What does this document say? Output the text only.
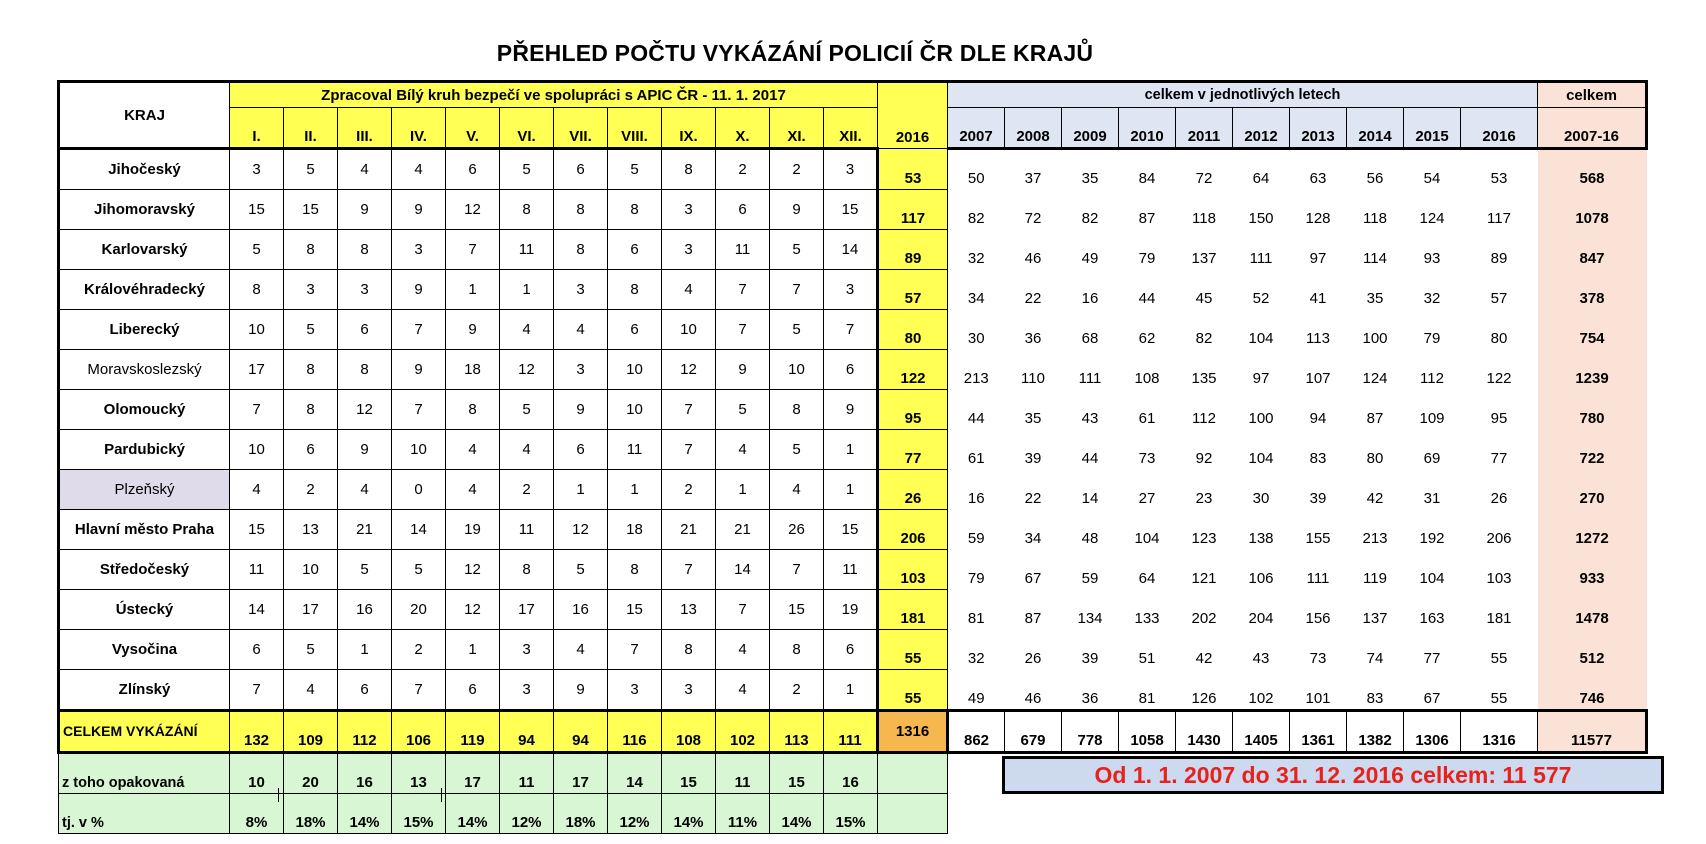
PŘEHLED POČTU VYKÁZÁNÍ POLICIÍ ČR DLE KRAJŮ
KRAJ	Zpracoval Bílý kruh bezpečí ve spolupráci s APIC ČR - 11. 1. 2017												2016	celkem v jednotlivých letech										celkem
	I.	II.	III.	IV.	V.	VI.	VII.	VIII.	IX.	X.	XI.	XII.		2007	2008	2009	2010	2011	2012	2013	2014	2015	2016	2007-16
Jihočeský	3	5	4	4	6	5	6	5	8	2	2	3	53	50	37	35	84	72	64	63	56	54	53	568
Jihomoravský	15	15	9	9	12	8	8	8	3	6	9	15	117	82	72	82	87	118	150	128	118	124	117	1078
Karlovarský	5	8	8	3	7	11	8	6	3	11	5	14	89	32	46	49	79	137	111	97	114	93	89	847
Královéhradecký	8	3	3	9	1	1	3	8	4	7	7	3	57	34	22	16	44	45	52	41	35	32	57	378
Liberecký	10	5	6	7	9	4	4	6	10	7	5	7	80	30	36	68	62	82	104	113	100	79	80	754
Moravskoslezský	17	8	8	9	18	12	3	10	12	9	10	6	122	213	110	111	108	135	97	107	124	112	122	1239
Olomoucký	7	8	12	7	8	5	9	10	7	5	8	9	95	44	35	43	61	112	100	94	87	109	95	780
Pardubický	10	6	9	10	4	4	6	11	7	4	5	1	77	61	39	44	73	92	104	83	80	69	77	722
Plzeňský	4	2	4	0	4	2	1	1	2	1	4	1	26	16	22	14	27	23	30	39	42	31	26	270
Hlavní město Praha	15	13	21	14	19	11	12	18	21	21	26	15	206	59	34	48	104	123	138	155	213	192	206	1272
Středočeský	11	10	5	5	12	8	5	8	7	14	7	11	103	79	67	59	64	121	106	111	119	104	103	933
Ústecký	14	17	16	20	12	17	16	15	13	7	15	19	181	81	87	134	133	202	204	156	137	163	181	1478
Vysočina	6	5	1	2	1	3	4	7	8	4	8	6	55	32	26	39	51	42	43	73	74	77	55	512
Zlínský	7	4	6	7	6	3	9	3	3	4	2	1	55	49	46	36	81	126	102	101	83	67	55	746
CELKEM VYKÁZÁNÍ	132	109	112	106	119	94	94	116	108	102	113	111	1316	862	679	778	1058	1430	1405	1361	1382	1306	1316	11577
z toho opakovaná	10	20	16	13	17	11	17	14	15	11	15	16												
tj. v %	8%	18%	14%	15%	14%	12%	18%	12%	14%	11%	14%	15%												
Od 1. 1. 2007 do 31. 12. 2016 celkem: 11 577
